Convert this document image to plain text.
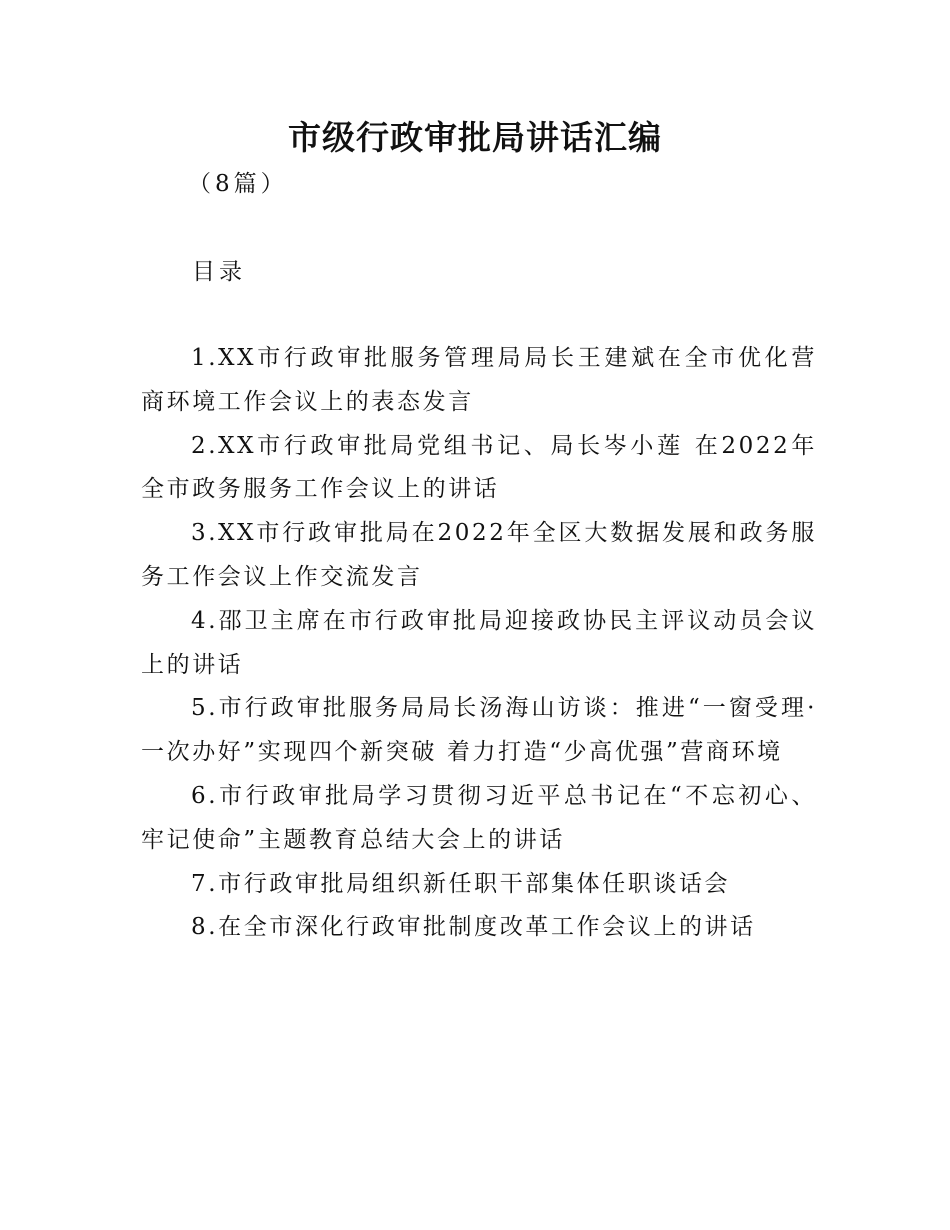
市级行政审批局讲话汇编

（8篇）

目录

1.XX市行政审批服务管理局局长王建斌在全市优化营商环境工作会议上的表态发言
2.XX市行政审批局党组书记、局长岑小莲 在2022年全市政务服务工作会议上的讲话
3.XX市行政审批局在2022年全区大数据发展和政务服务工作会议上作交流发言
4.邵卫主席在市行政审批局迎接政协民主评议动员会议上的讲话
5.市行政审批服务局局长汤海山访谈：推进“一窗受理·一次办好”实现四个新突破 着力打造“少高优强”营商环境
6.市行政审批局学习贯彻习近平总书记在“不忘初心、牢记使命”主题教育总结大会上的讲话
7.市行政审批局组织新任职干部集体任职谈话会
8.在全市深化行政审批制度改革工作会议上的讲话
